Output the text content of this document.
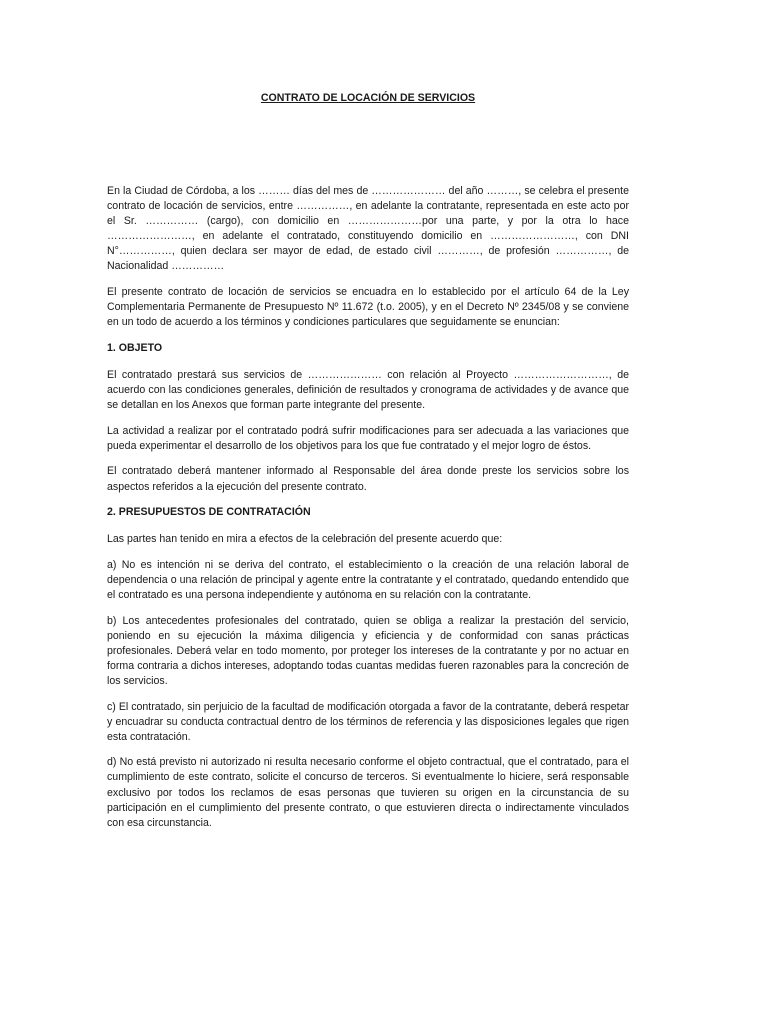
CONTRATO DE LOCACIÓN DE SERVICIOS

En la Ciudad de Córdoba, a los ……… días del mes de ………………… del año ………, se celebra el presente contrato de locación de servicios, entre ……………, en adelante la contratante, representada en este acto por el Sr. …………… (cargo), con domicilio en …………………por una parte, y por la otra lo hace ……………………, en adelante el contratado, constituyendo domicilio en ……………………, con DNI N°……………, quien declara ser mayor de edad, de estado civil …………, de profesión ……………, de Nacionalidad ……………

El presente contrato de locación de servicios se encuadra en lo establecido por el artículo 64 de la Ley Complementaria Permanente de Presupuesto Nº 11.672 (t.o. 2005), y en el Decreto Nº 2345/08 y se conviene en un todo de acuerdo a los términos y condiciones particulares que seguidamente se enuncian:

1. OBJETO

El contratado prestará sus servicios de ………………… con relación al Proyecto ………………………, de acuerdo con las condiciones generales, definición de resultados y cronograma de actividades y de avance que se detallan en los Anexos que forman parte integrante del presente.

La actividad a realizar por el contratado podrá sufrir modificaciones para ser adecuada a las variaciones que pueda experimentar el desarrollo de los objetivos para los que fue contratado y el mejor logro de éstos.

El contratado deberá mantener informado al Responsable del área donde preste los servicios sobre los aspectos referidos a la ejecución del presente contrato.

2. PRESUPUESTOS DE CONTRATACIÓN

Las partes han tenido en mira a efectos de la celebración del presente acuerdo que:

a) No es intención ni se deriva del contrato, el establecimiento o la creación de una relación laboral de dependencia o una relación de principal y agente entre la contratante y el contratado, quedando entendido que el contratado es una persona independiente y autónoma en su relación con la contratante.

b) Los antecedentes profesionales del contratado, quien se obliga a realizar la prestación del servicio, poniendo en su ejecución la máxima diligencia y eficiencia y de conformidad con sanas prácticas profesionales. Deberá velar en todo momento, por proteger los intereses de la contratante y por no actuar en forma contraria a dichos intereses, adoptando todas cuantas medidas fueren razonables para la concreción de los servicios.

c) El contratado, sin perjuicio de la facultad de modificación otorgada a favor de la contratante, deberá respetar y encuadrar su conducta contractual dentro de los términos de referencia y las disposiciones legales que rigen esta contratación.

d) No está previsto ni autorizado ni resulta necesario conforme el objeto contractual, que el contratado, para el cumplimiento de este contrato, solicite el concurso de terceros. Si eventualmente lo hiciere, será responsable exclusivo por todos los reclamos de esas personas que tuvieren su origen en la circunstancia de su participación en el cumplimiento del presente contrato, o que estuvieren directa o indirectamente vinculados con esa circunstancia.
